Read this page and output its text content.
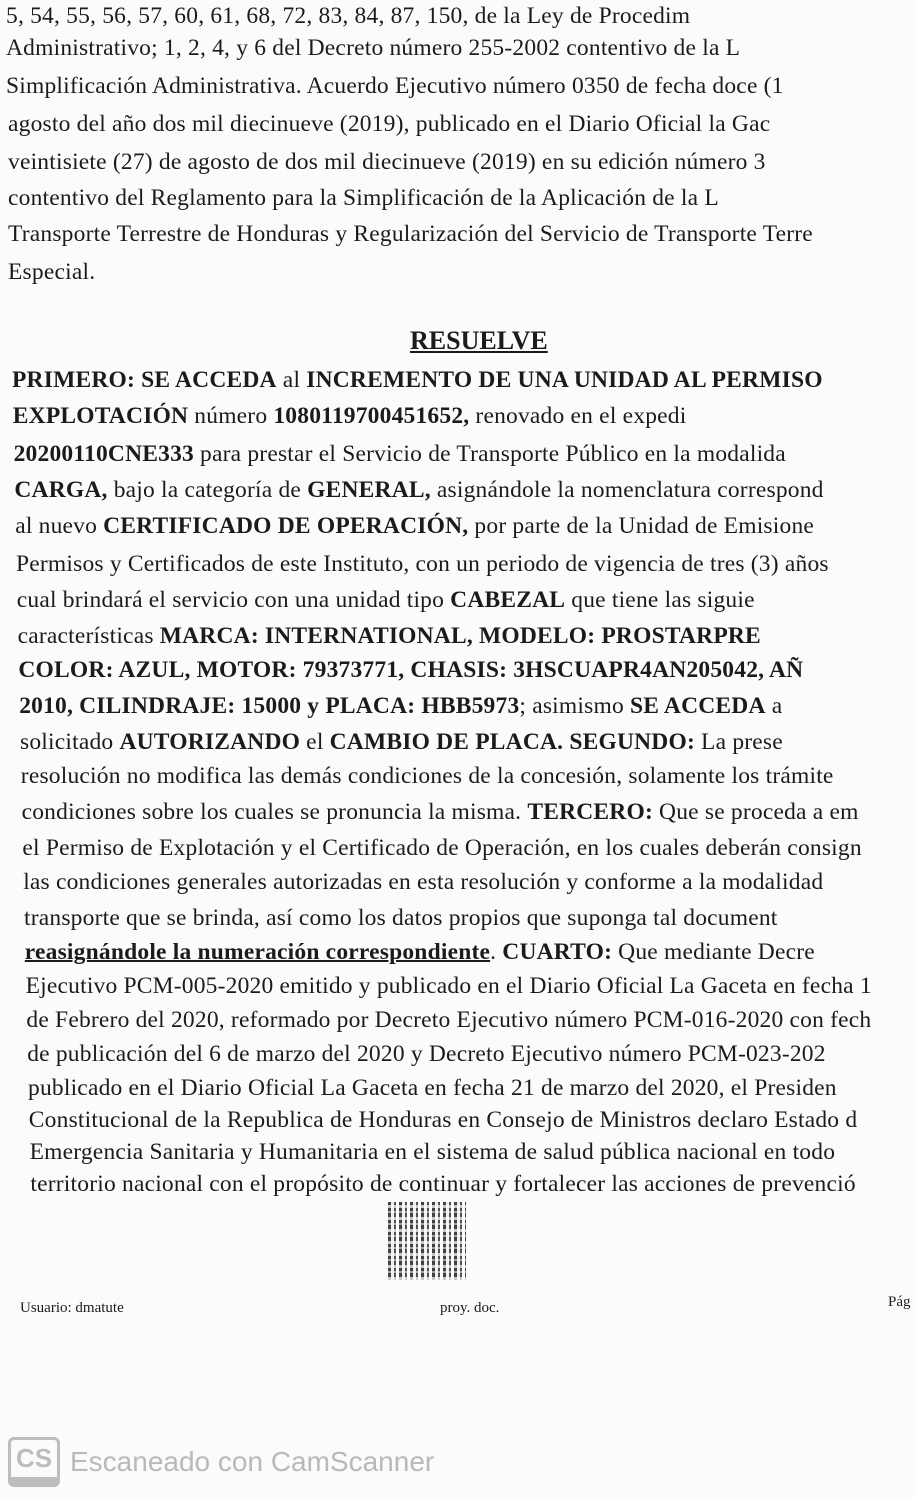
5, 54, 55, 56, 57, 60, 61, 68, 72, 83, 84, 87, 150, de la Ley de Procedim
Administrativo; 1, 2, 4, y 6 del Decreto número 255-2002 contentivo de la L
Simplificación Administrativa. Acuerdo Ejecutivo número 0350 de fecha doce (1
agosto del año dos mil diecinueve (2019), publicado en el Diario Oficial la Gac
veintisiete (27) de agosto de dos mil diecinueve (2019) en su edición número 3
contentivo del Reglamento para la Simplificación de la Aplicación de la L
Transporte Terrestre de Honduras y Regularización del Servicio de Transporte Terre
Especial.
RESUELVE
PRIMERO: SE ACCEDA al INCREMENTO DE UNA UNIDAD AL PERMISO
EXPLOTACIÓN número 1080119700451652, renovado en el expedi
20200110CNE333 para prestar el Servicio de Transporte Público en la modalida
CARGA, bajo la categoría de GENERAL, asignándole la nomenclatura correspond
al nuevo CERTIFICADO DE OPERACIÓN, por parte de la Unidad de Emisione
Permisos y Certificados de este Instituto, con un periodo de vigencia de tres (3) años
cual brindará el servicio con una unidad tipo CABEZAL que tiene las siguie
características MARCA: INTERNATIONAL, MODELO: PROSTARPRE
COLOR: AZUL, MOTOR: 79373771, CHASIS: 3HSCUAPR4AN205042, AÑ
2010, CILINDRAJE: 15000 y PLACA: HBB5973; asimismo SE ACCEDA a
solicitado AUTORIZANDO el CAMBIO DE PLACA. SEGUNDO: La prese
resolución no modifica las demás condiciones de la concesión, solamente los trámite
condiciones sobre los cuales se pronuncia la misma. TERCERO: Que se proceda a em
el Permiso de Explotación y el Certificado de Operación, en los cuales deberán consign
las condiciones generales autorizadas en esta resolución y conforme a la modalidad
transporte que se brinda, así como los datos propios que suponga tal document
reasignándole la numeración correspondiente. CUARTO: Que mediante Decre
Ejecutivo PCM-005-2020 emitido y publicado en el Diario Oficial La Gaceta en fecha 1
de Febrero del 2020, reformado por Decreto Ejecutivo número PCM-016-2020 con fech
de publicación del 6 de marzo del 2020 y Decreto Ejecutivo número PCM-023-202
publicado en el Diario Oficial La Gaceta en fecha 21 de marzo del 2020, el Presiden
Constitucional de la Republica de Honduras en Consejo de Ministros declaro Estado d
Emergencia Sanitaria y Humanitaria en el sistema de salud pública nacional en todo
territorio nacional con el propósito de continuar y fortalecer las acciones de prevenció
Usuario: dmatute	proy. doc.	Pág
CS Escaneado con CamScanner
